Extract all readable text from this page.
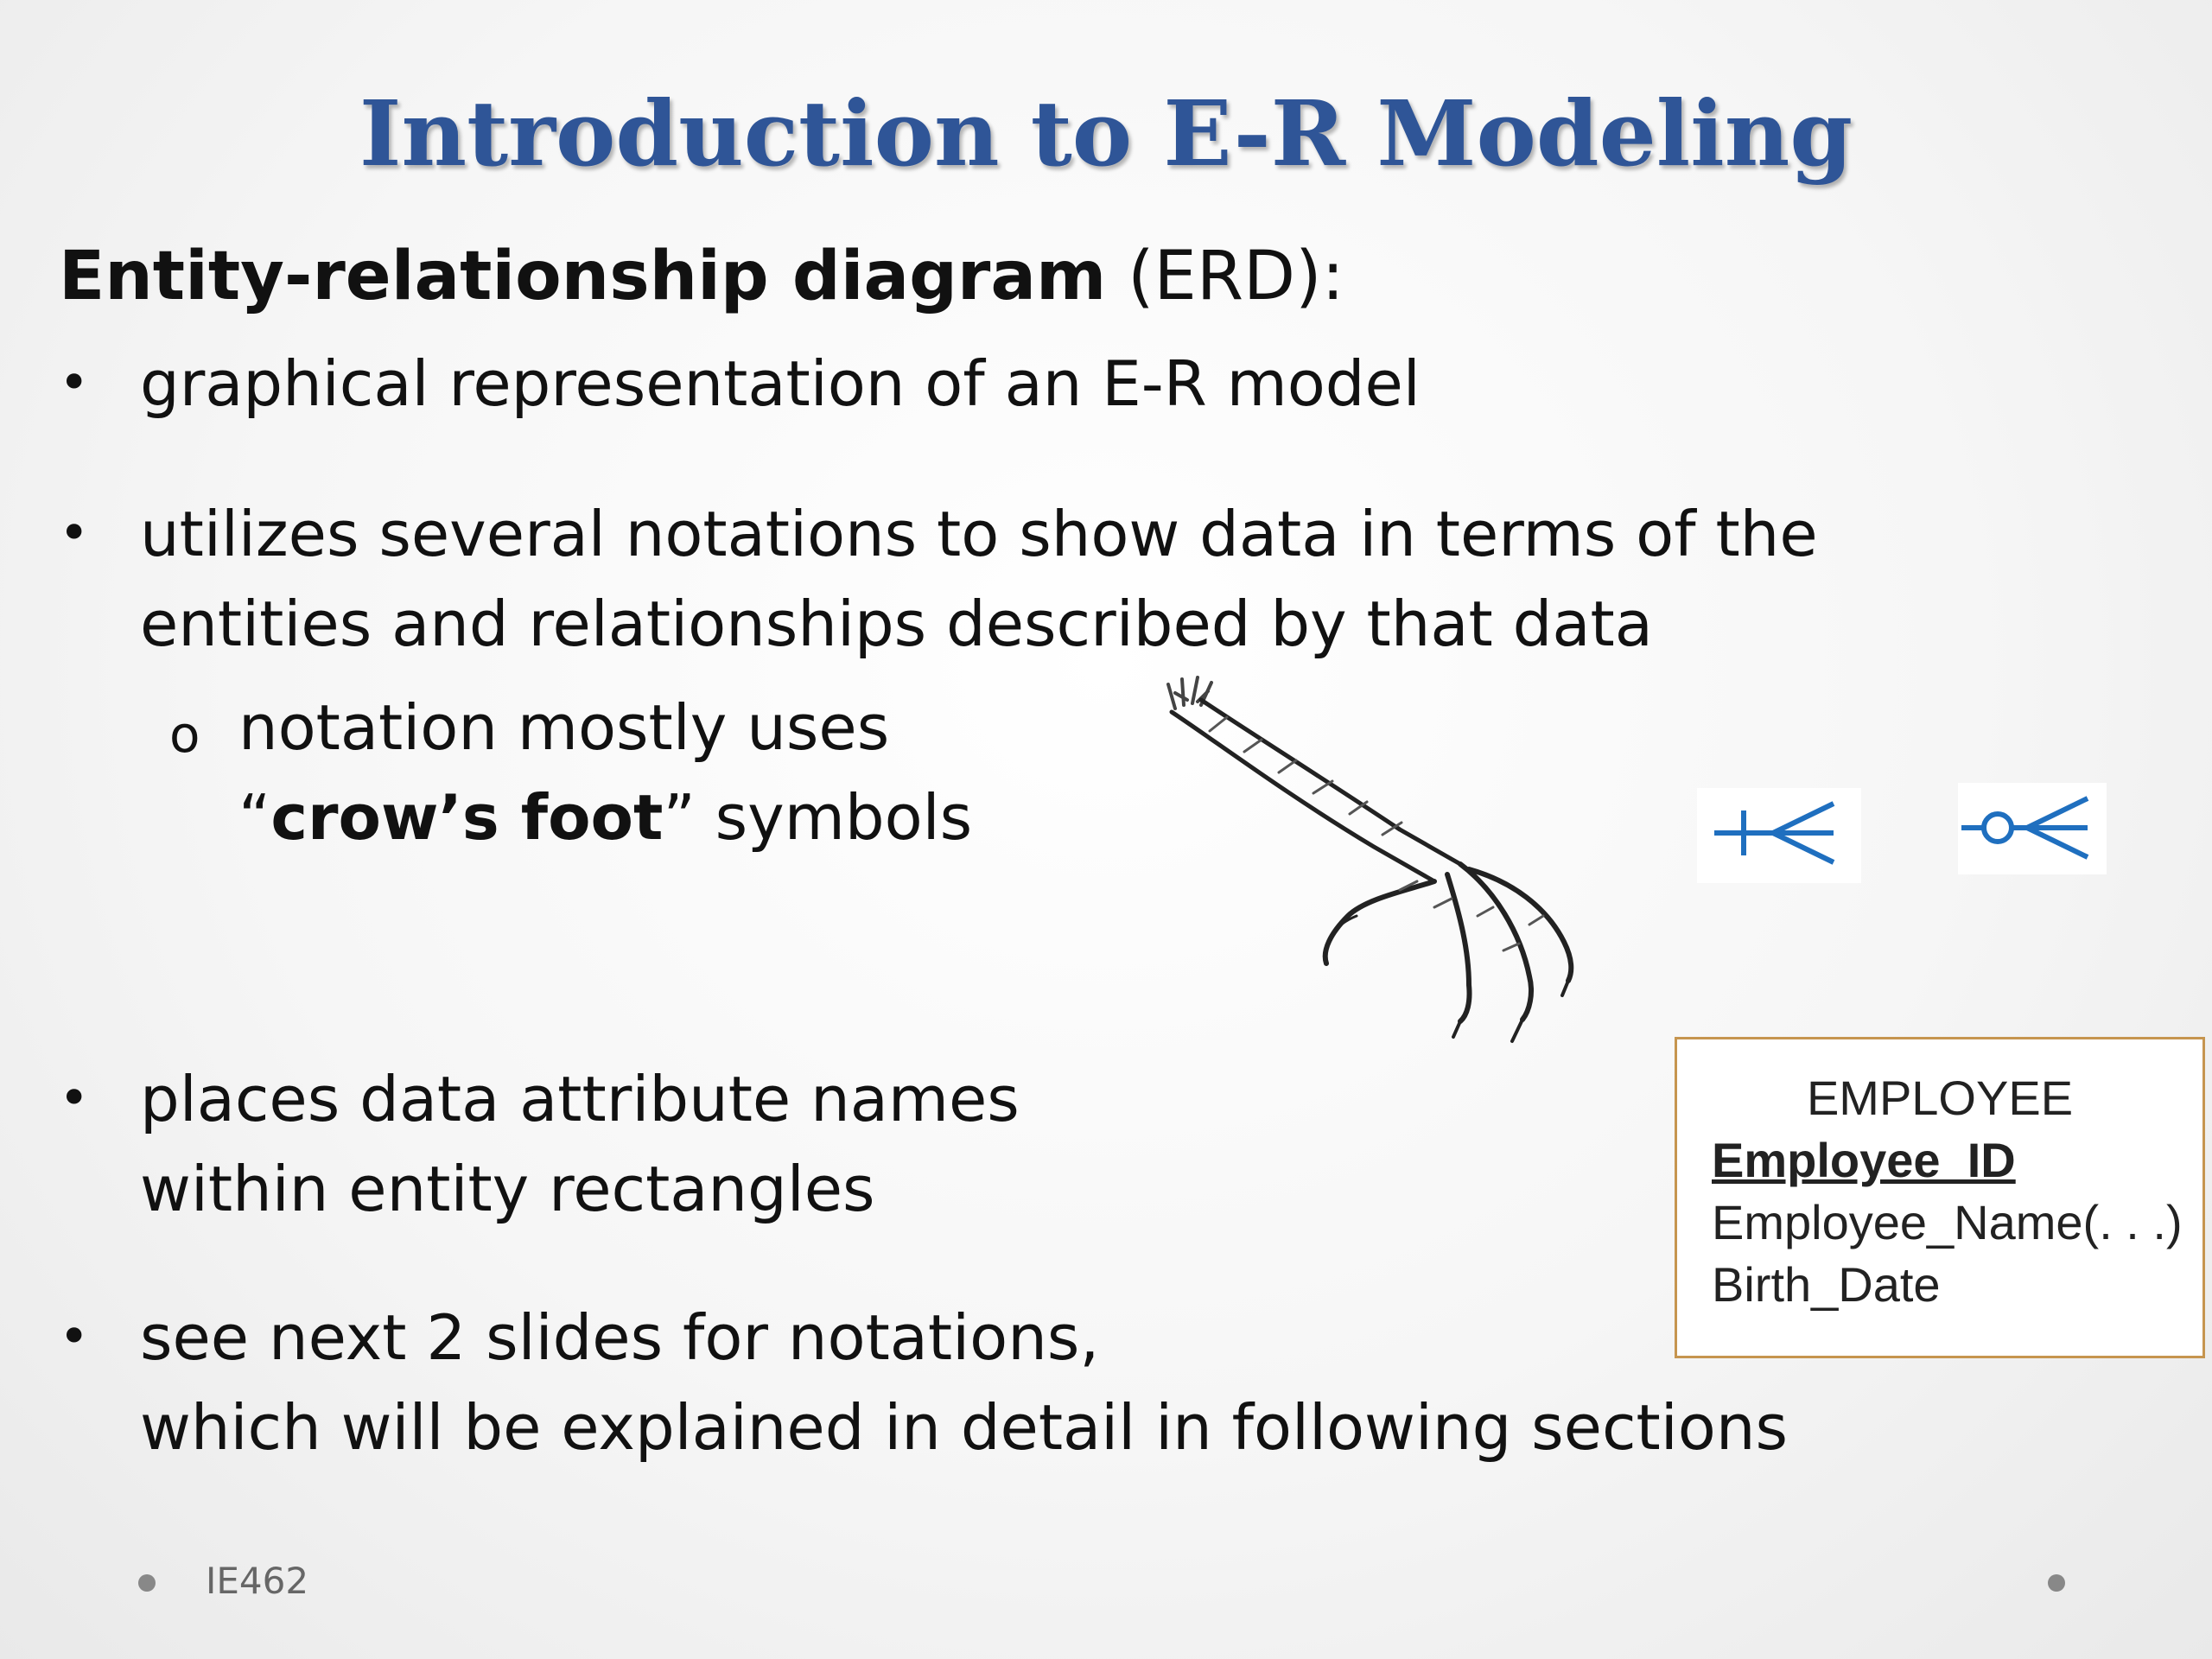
Introduction to E-R Modeling
Entity-relationship diagram (ERD):
• graphical representation of an E-R model
• utilizes several notations to show data in terms of the
entities and relationships described by that data
o notation mostly uses
“crow’s foot” symbols
• places data attribute names
within entity rectangles
EMPLOYEE
Employee_ID
Employee_Name(. . .)
Birth_Date
• see next 2 slides for notations,
which will be explained in detail in following sections
IE462
